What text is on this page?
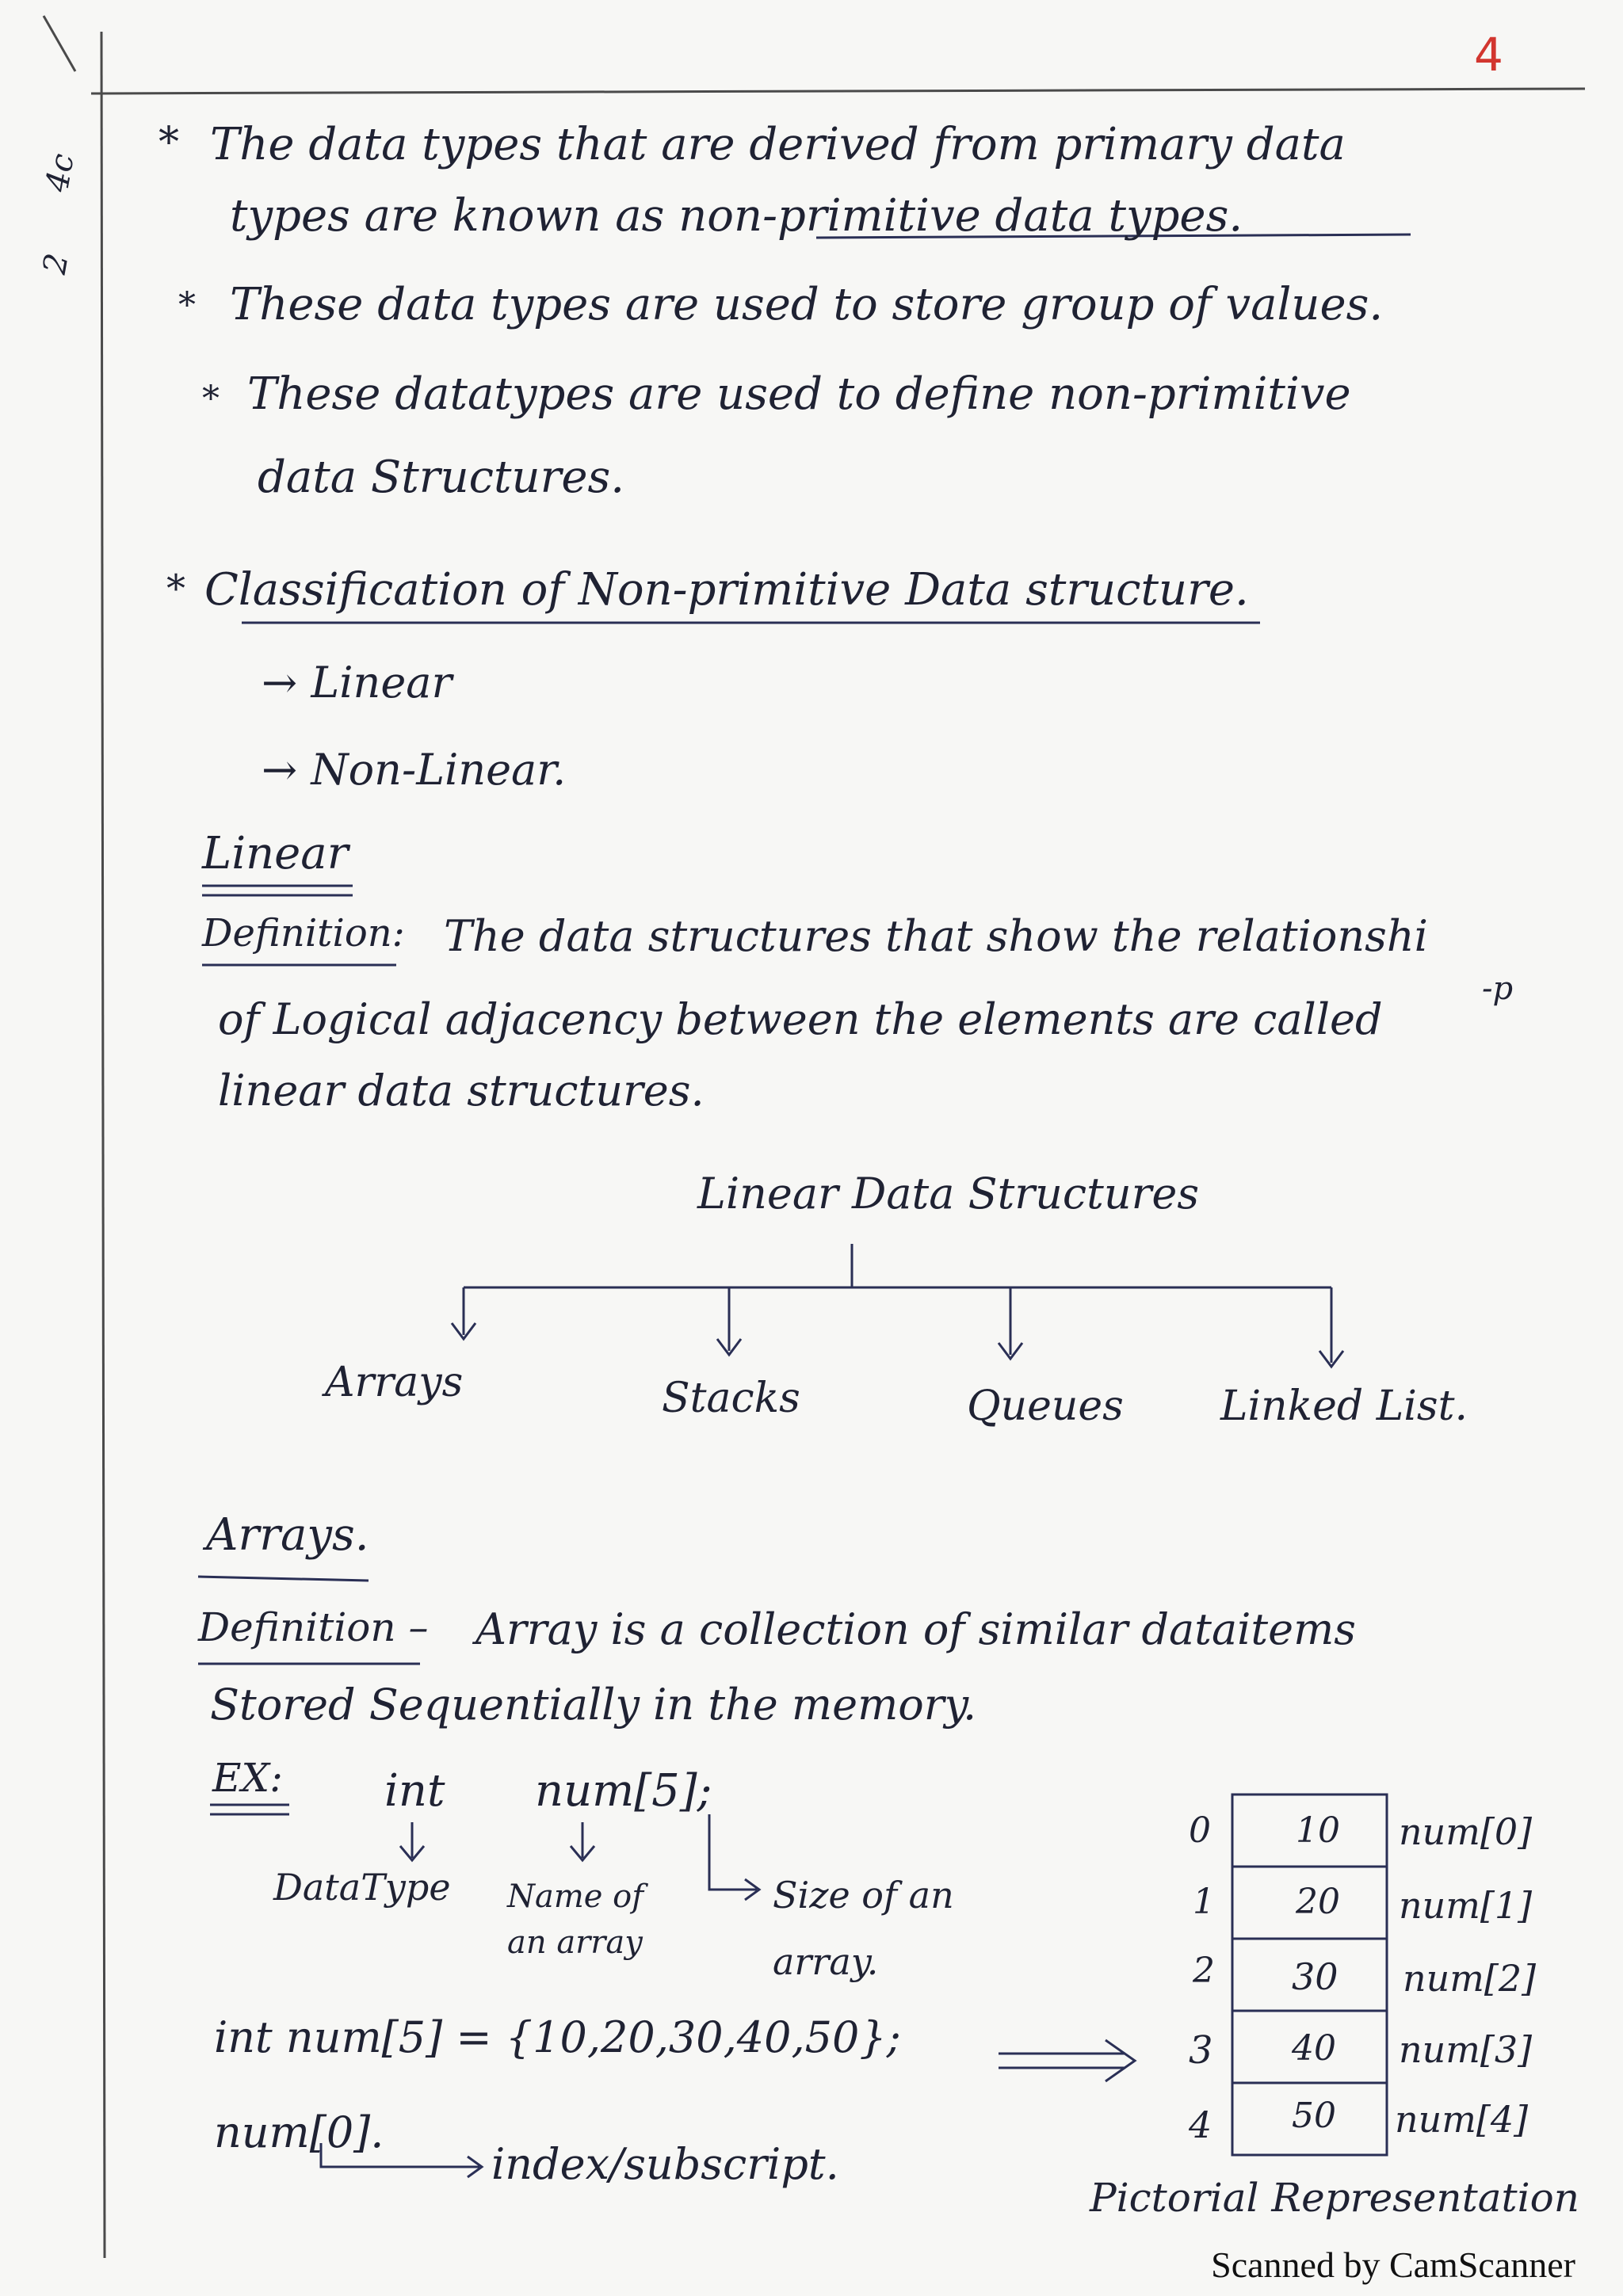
4
4c
2
* The data types that are derived from primary data
types are known as non-primitive data types.
* These data types are used to store group of values.
* These datatypes are used to define non-primitive
data Structures.
* Classification of Non-primitive Data structure.
→ Linear
→ Non-Linear.
Linear
Definition: The data structures that show the relationshi
-p
of Logical adjacency between the elements are called
linear data structures.
Linear Data Structures
Arrays	Stacks	Queues Linked List.
Arrays.
Definition – Array is a collection of similar dataitems
Stored Sequentially in the memory.
EX: int num[5];
DataType Name of an array
Size of an array.
int num[5] = {10,20,30,40,50};
num[0].
index/subscript.
0
1
2
3
4
10
20
30
40
50
num[0]
num[1]
num[2]
num[3]
num[4]
Pictorial Representation
Scanned by CamScanner
